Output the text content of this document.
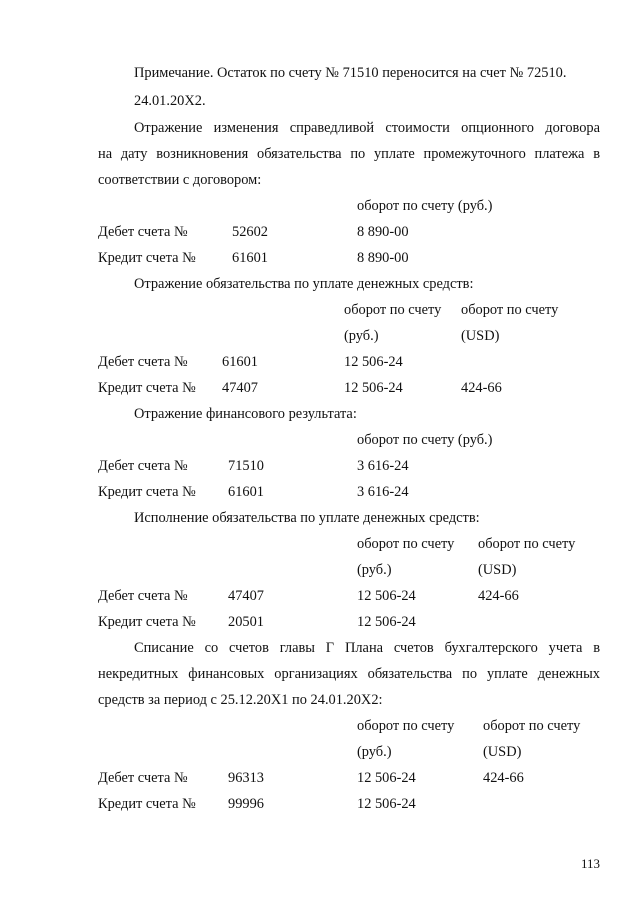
Примечание. Остаток по счету № 71510 переносится на счет № 72510.
24.01.20Х2.
Отражение изменения справедливой стоимости опционного договора
на дату возникновения обязательства по уплате промежуточного платежа в
соответствии с договором:
оборот по счету (руб.)
Дебет счета №	52602	8 890-00
Кредит счета №	61601	8 890-00
Отражение обязательства по уплате денежных средств:
оборот по счету оборот по счету
(руб.)	(USD)
Дебет счета № 61601	12 506-24
Кредит счета № 47407	12 506-24	424-66
Отражение финансового результата:
оборот по счету (руб.)
Дебет счета №	71510	3 616-24
Кредит счета № 61601	3 616-24
Исполнение обязательства по уплате денежных средств:
оборот по счету оборот по счету
(руб.)	(USD)
Дебет счета №	47407	12 506-24	424-66
Кредит счета № 20501	12 506-24
Списание со счетов главы Г Плана счетов бухгалтерского учета в
некредитных финансовых организациях обязательства по уплате денежных
средств за период с 25.12.20Х1 по 24.01.20Х2:
оборот по счету оборот по счету
(руб.)	(USD)
Дебет счета №	96313	12 506-24	424-66
Кредит счета № 99996	12 506-24
113
